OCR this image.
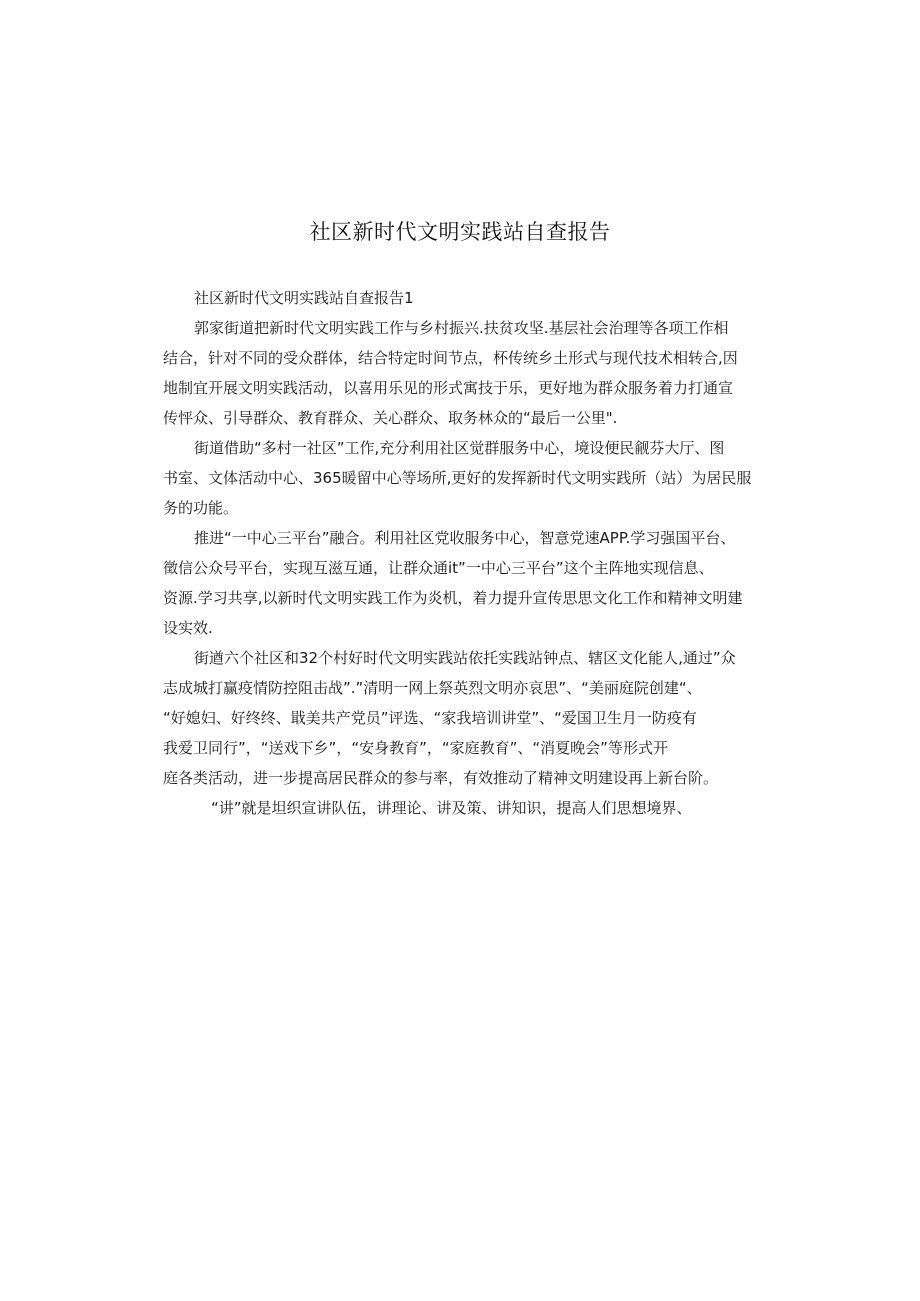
社区新时代文明实践站自查报告

社区新时代文明实践站自查报告1

郭家街道把新时代文明实践工作与乡村振兴.扶贫攻坚.基层社会治理等各项工作相
结合，针对不同的受众群体，结合特定时间节点，杯传统乡土形式与现代技术相转合,因
地制宜开展文明实践活动，以喜用乐见的形式寓技于乐，更好地为群众服务着力打通宣
传怦众、引导群众、教育群众、关心群众、取务林众的“最后一公里".

街道借助“多村一社区”工作,充分利用社区觉群服务中心，境设便民觎芬大厅、图
书室、文体活动中心、365暖留中心等场所,更好的发挥新时代文明实践所（站）为居民服
务的功能。

推进“一中心三平台”融合。利用社区党收服务中心，智意党速APP.学习强国平台、
徵信公众号平台，实现互滋互通，让群众通it”一中心三平台”这个主阵地实现信息、
资源.学习共享,以新时代文明实践工作为炎机，着力提升宣传思思文化工作和精神文明建
设实效.

街遒六个社区和32个村好时代文明实践站依托实践站钟点、辖区文化能人,通过”众
志成城打赢疫情防控阻击战”.”清明一网上祭英烈文明亦哀思”、“美丽庭院创建“、
“好媳妇、好终终、戢美共产党员”评选、“家我培训讲堂”、“爱国卫生月一防疫有
我爱卫同行”，“送戏下乡”，“安身教育”，“家庭教育”、“消夏晚会”等形式开
庭各类活动，进一步提高居民群众的参与率，有效推动了精神文明建设再上新台阶。

“讲”就是坦织宣讲队伍，讲理论、讲及策、讲知识，提高人们思想境界、
